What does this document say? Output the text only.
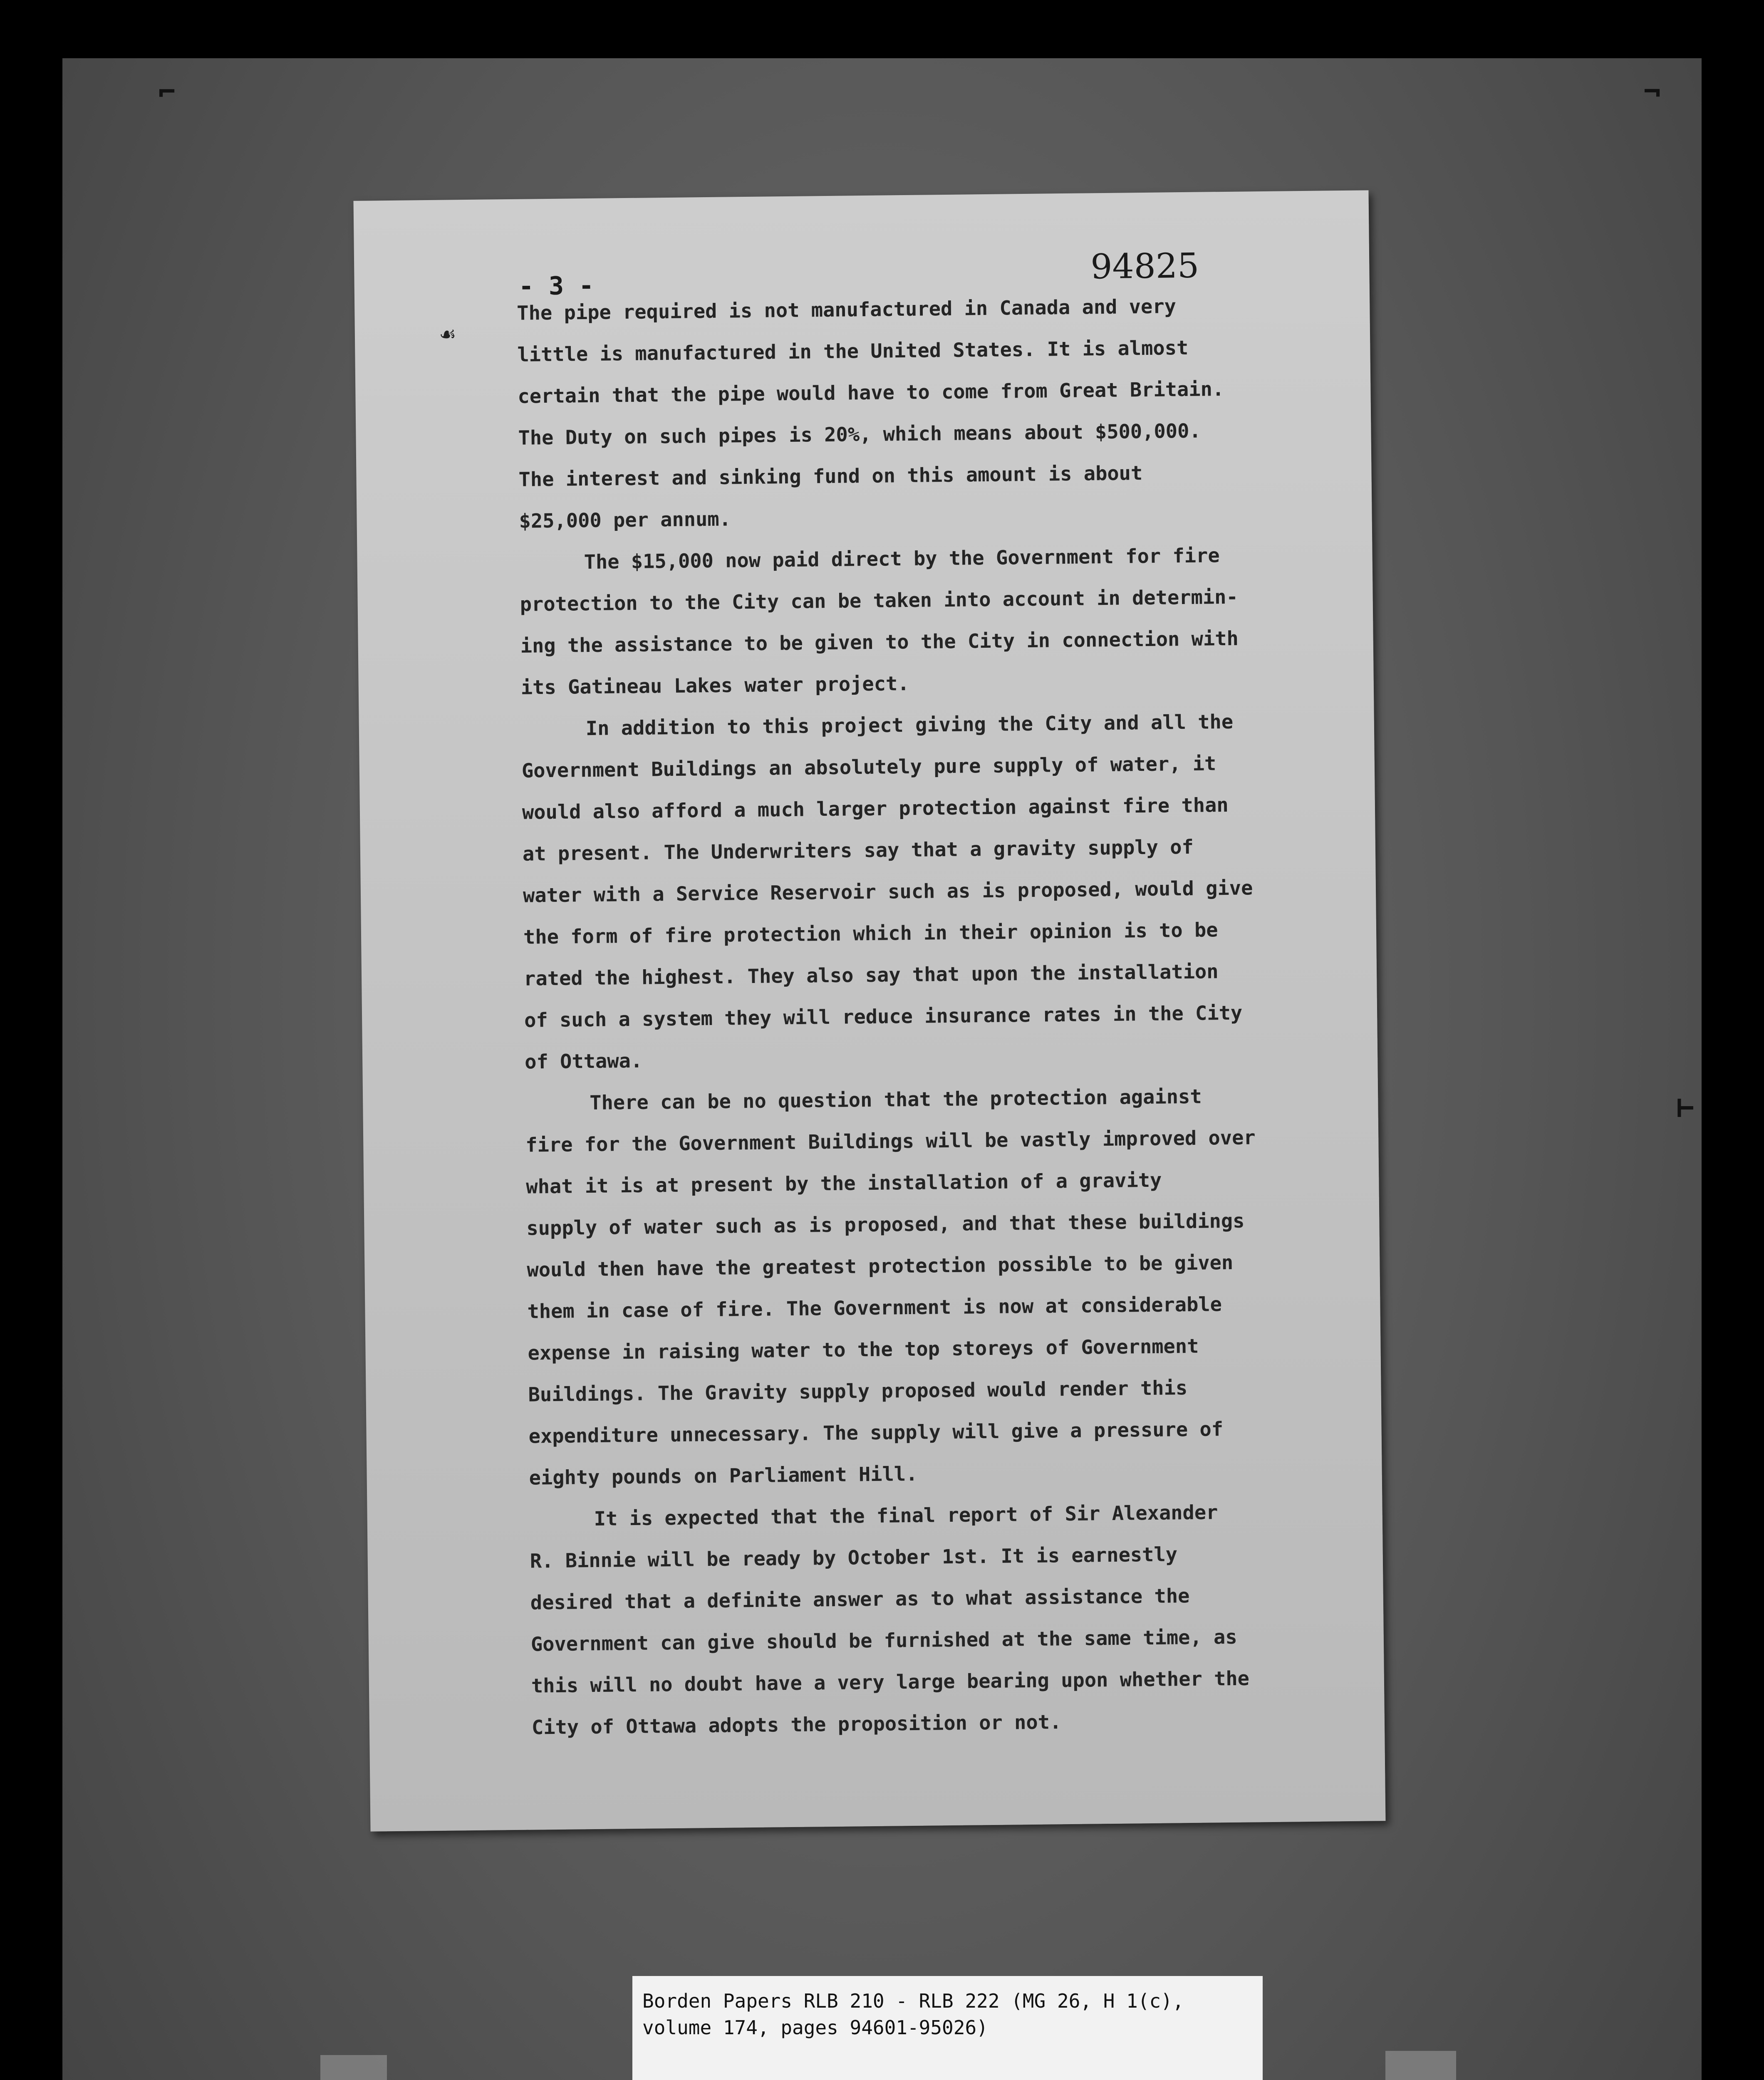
⌐	¬
⊢
- 3 -	94825
☙

The pipe required is not manufactured in Canada and very
little is manufactured in the United States. It is almost
certain that the pipe would have to come from Great Britain.
The Duty on such pipes is 20%, which means about $500,000.
The interest and sinking fund on this amount is about
$25,000 per annum.

The $15,000 now paid direct by the Government for fire
protection to the City can be taken into account in determin-
ing the assistance to be given to the City in connection with
its Gatineau Lakes water project.

In addition to this project giving the City and all the
Government Buildings an absolutely pure supply of water, it
would also afford a much larger protection against fire than
at present. The Underwriters say that a gravity supply of
water with a Service Reservoir such as is proposed, would give
the form of fire protection which in their opinion is to be
rated the highest. They also say that upon the installation
of such a system they will reduce insurance rates in the City
of Ottawa.

There can be no question that the protection against
fire for the Government Buildings will be vastly improved over
what it is at present by the installation of a gravity
supply of water such as is proposed, and that these buildings
would then have the greatest protection possible to be given
them in case of fire. The Government is now at considerable
expense in raising water to the top storeys of Government
Buildings. The Gravity supply proposed would render this
expenditure unnecessary. The supply will give a pressure of
eighty pounds on Parliament Hill.

It is expected that the final report of Sir Alexander
R. Binnie will be ready by October 1st. It is earnestly
desired that a definite answer as to what assistance the
Government can give should be furnished at the same time, as
this will no doubt have a very large bearing upon whether the
City of Ottawa adopts the proposition or not.

Borden Papers RLB 210 - RLB 222 (MG 26, H 1(c),
volume 174, pages 94601-95026)
